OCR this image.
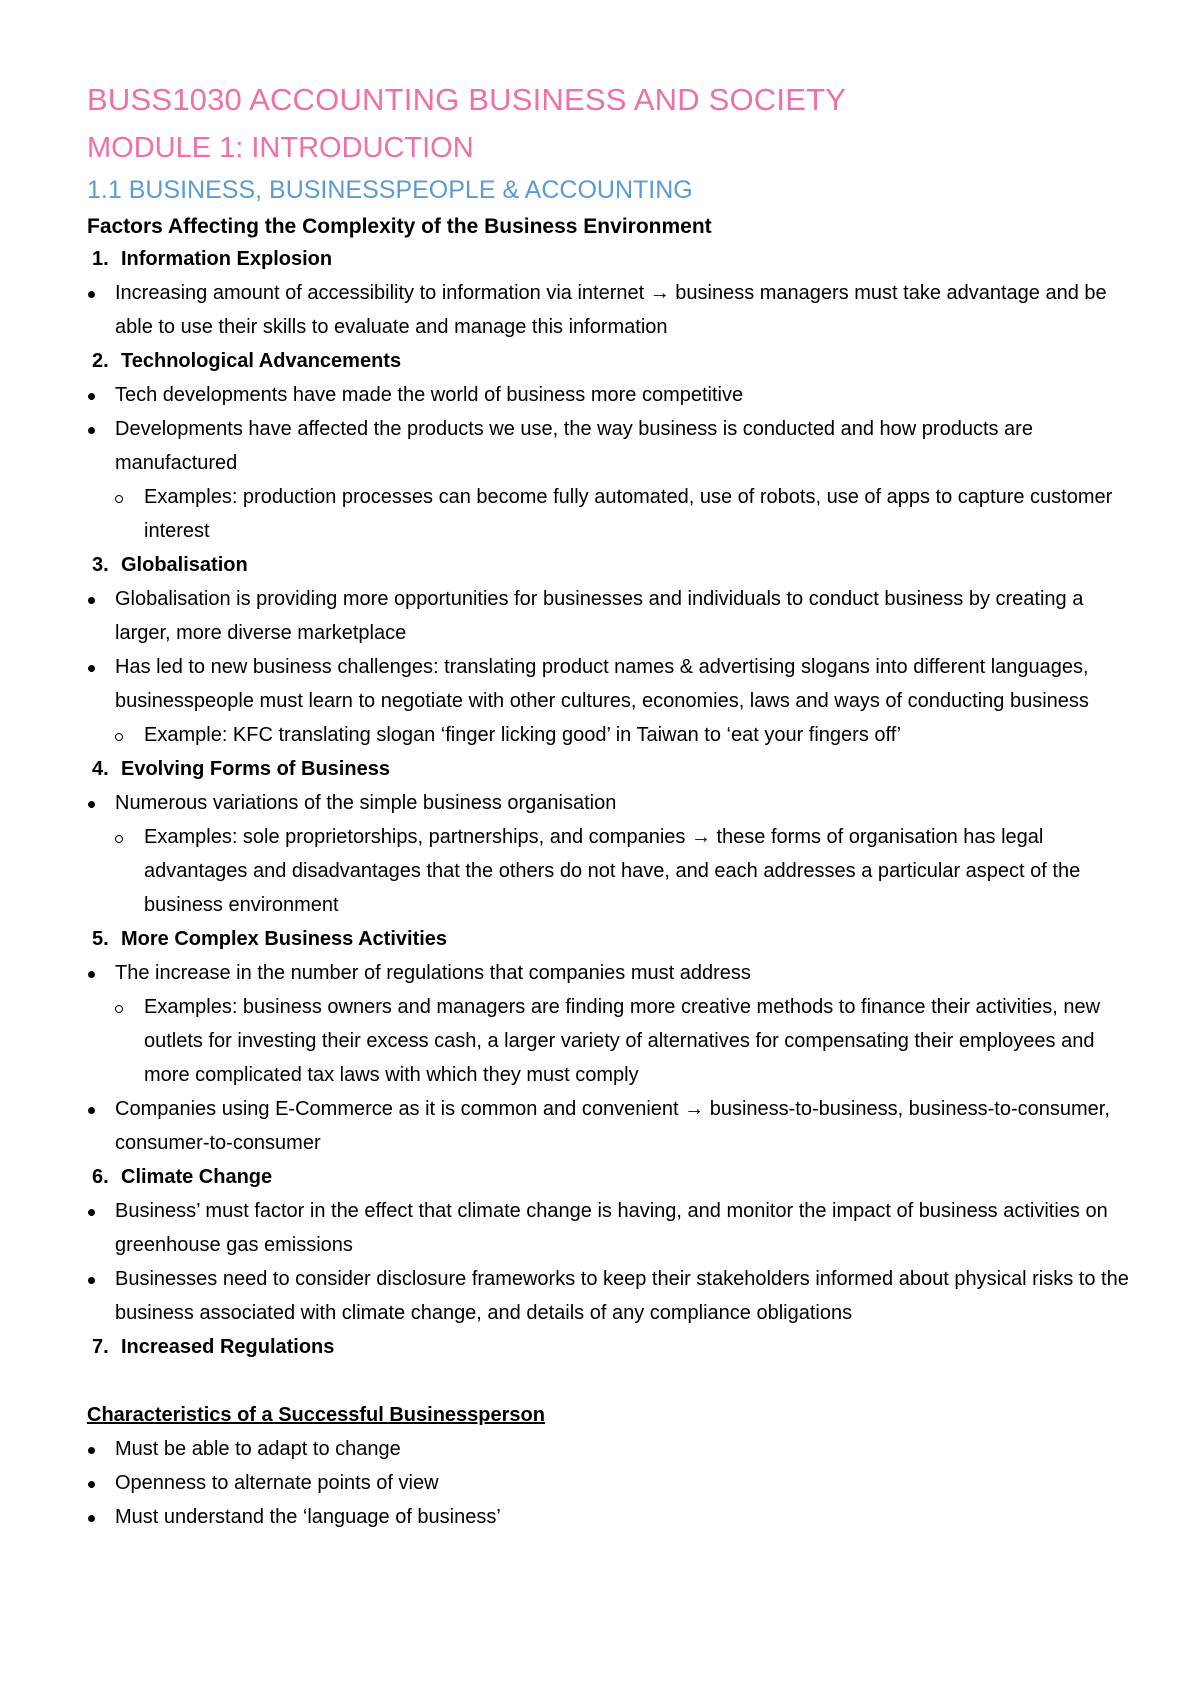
BUSS1030 ACCOUNTING BUSINESS AND SOCIETY
MODULE 1: INTRODUCTION
1.1 BUSINESS, BUSINESSPEOPLE & ACCOUNTING
Factors Affecting the Complexity of the Business Environment
1. Information Explosion
Increasing amount of accessibility to information via internet → business managers must take advantage and be able to use their skills to evaluate and manage this information
2. Technological Advancements
Tech developments have made the world of business more competitive
Developments have affected the products we use, the way business is conducted and how products are manufactured
Examples: production processes can become fully automated, use of robots, use of apps to capture customer interest
3. Globalisation
Globalisation is providing more opportunities for businesses and individuals to conduct business by creating a larger, more diverse marketplace
Has led to new business challenges: translating product names & advertising slogans into different languages, businesspeople must learn to negotiate with other cultures, economies, laws and ways of conducting business
Example: KFC translating slogan ‘finger licking good’ in Taiwan to ‘eat your fingers off’
4. Evolving Forms of Business
Numerous variations of the simple business organisation
Examples: sole proprietorships, partnerships, and companies → these forms of organisation has legal advantages and disadvantages that the others do not have, and each addresses a particular aspect of the business environment
5. More Complex Business Activities
The increase in the number of regulations that companies must address
Examples: business owners and managers are finding more creative methods to finance their activities, new outlets for investing their excess cash, a larger variety of alternatives for compensating their employees and more complicated tax laws with which they must comply
Companies using E-Commerce as it is common and convenient → business-to-business, business-to-consumer, consumer-to-consumer
6. Climate Change
Business’ must factor in the effect that climate change is having, and monitor the impact of business activities on greenhouse gas emissions
Businesses need to consider disclosure frameworks to keep their stakeholders informed about physical risks to the business associated with climate change, and details of any compliance obligations
7. Increased Regulations
Characteristics of a Successful Businessperson
Must be able to adapt to change
Openness to alternate points of view
Must understand the ‘language of business’
